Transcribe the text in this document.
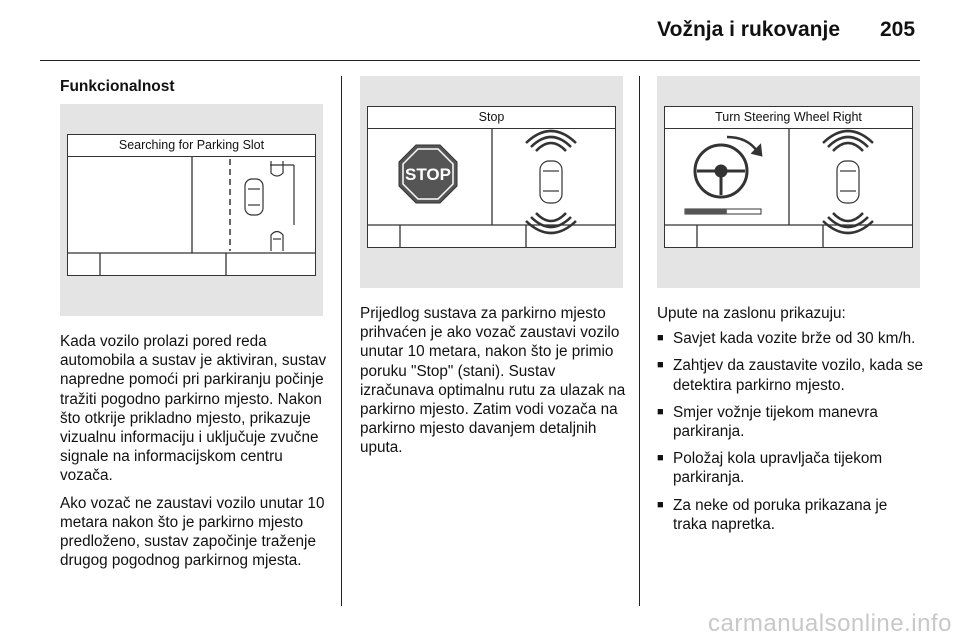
Vožnja i rukovanje 205
Funkcionalnost
Searching for Parking Slot

Kada vozilo prolazi pored reda automobila a sustav je aktiviran, sustav napredne pomoći pri parkiranju počinje tražiti pogodno parkirno mjesto. Nakon što otkrije prikladno mjesto, prikazuje vizualnu informaciju i uključuje zvučne signale na informacijskom centru vozača.

Ako vozač ne zaustavi vozilo unutar 10 metara nakon što je parkirno mjesto predloženo, sustav započinje traženje drugog pogodnog parkirnog mjesta.

Stop
STOP

Prijedlog sustava za parkirno mjesto prihvaćen je ako vozač zaustavi vozilo unutar 10 metara, nakon što je primio poruku "Stop" (stani). Sustav izračunava optimalnu rutu za ulazak na parkirno mjesto. Zatim vodi vozača na parkirno mjesto davanjem detaljnih uputa.

Turn Steering Wheel Right

Upute na zaslonu prikazuju:

■ Savjet kada vozite brže od 30 km/h.
■ Zahtjev da zaustavite vozilo, kada se detektira parkirno mjesto.
■ Smjer vožnje tijekom manevra parkiranja.
■ Položaj kola upravljača tijekom parkiranja.
■ Za neke od poruka prikazana je traka napretka.
carmanualsonline.info
